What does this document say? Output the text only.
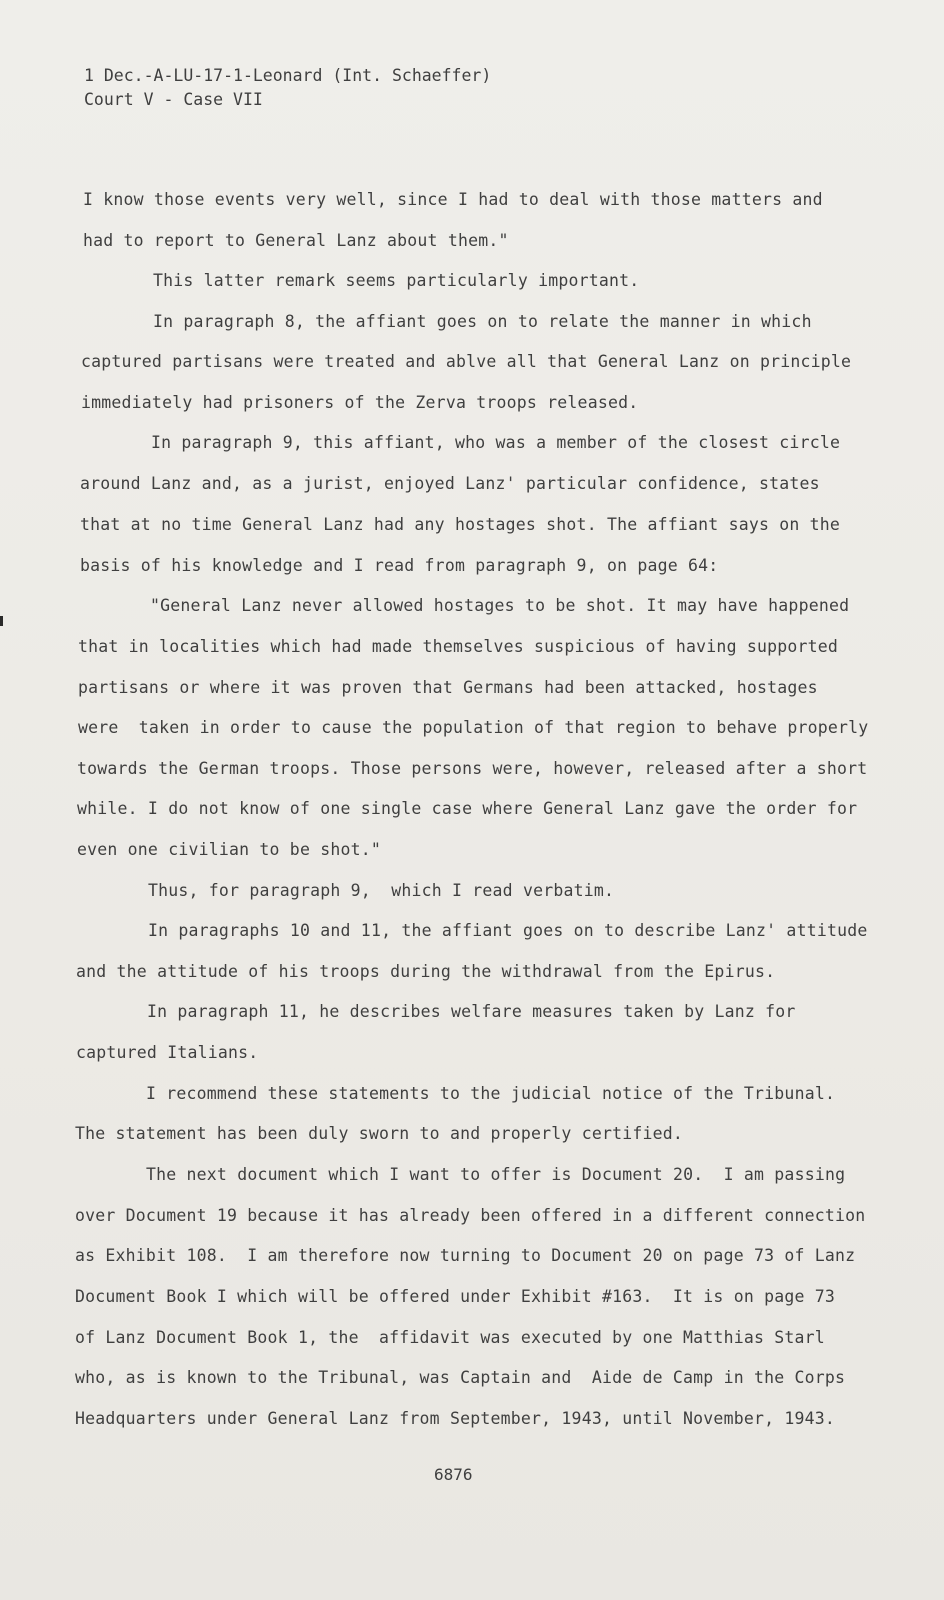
1 Dec.-A-LU-17-1-Leonard (Int. Schaeffer)
Court V - Case VII
I know those events very well, since I had to deal with those matters and
had to report to General Lanz about them."
This latter remark seems particularly important.
In paragraph 8, the affiant goes on to relate the manner in which
captured partisans were treated and ablve all that General Lanz on principle
immediately had prisoners of the Zerva troops released.
In paragraph 9, this affiant, who was a member of the closest circle
around Lanz and, as a jurist, enjoyed Lanz' particular confidence, states
that at no time General Lanz had any hostages shot. The affiant says on the
basis of his knowledge and I read from paragraph 9, on page 64:
"General Lanz never allowed hostages to be shot. It may have happened
that in localities which had made themselves suspicious of having supported
partisans or where it was proven that Germans had been attacked, hostages
were  taken in order to cause the population of that region to behave properly
towards the German troops. Those persons were, however, released after a short
while. I do not know of one single case where General Lanz gave the order for
even one civilian to be shot."
Thus, for paragraph 9,  which I read verbatim.
In paragraphs 10 and 11, the affiant goes on to describe Lanz' attitude
and the attitude of his troops during the withdrawal from the Epirus.
In paragraph 11, he describes welfare measures taken by Lanz for
captured Italians.
I recommend these statements to the judicial notice of the Tribunal.
The statement has been duly sworn to and properly certified.
The next document which I want to offer is Document 20.  I am passing
over Document 19 because it has already been offered in a different connection
as Exhibit 108.  I am therefore now turning to Document 20 on page 73 of Lanz
Document Book I which will be offered under Exhibit #163.  It is on page 73
of Lanz Document Book 1, the  affidavit was executed by one Matthias Starl
who, as is known to the Tribunal, was Captain and  Aide de Camp in the Corps
Headquarters under General Lanz from September, 1943, until November, 1943.
6876
